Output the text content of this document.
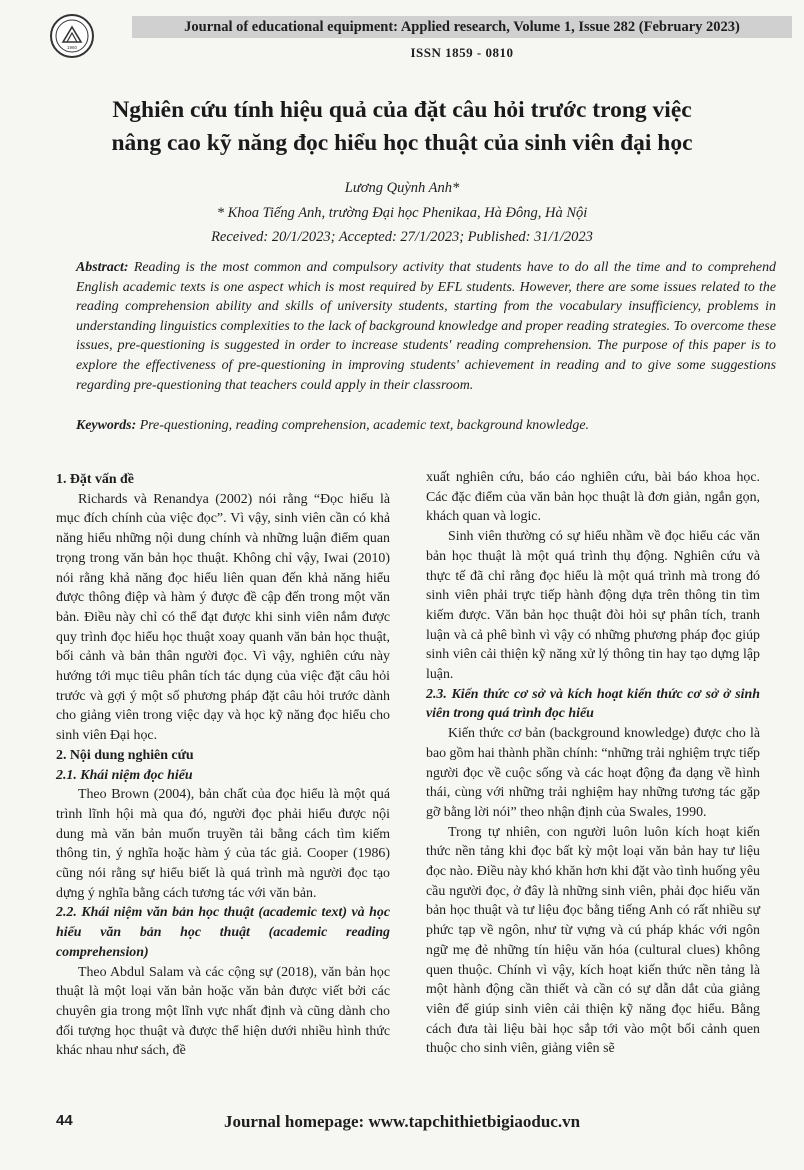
1960
Journal of educational equipment: Applied research, Volume 1, Issue 282 (February 2023)
ISSN 1859 - 0810
Nghiên cứu tính hiệu quả của đặt câu hỏi trước trong việc
nâng cao kỹ năng đọc hiểu học thuật của sinh viên đại học
Lương Quỳnh Anh*
* Khoa Tiếng Anh, trường Đại học Phenikaa, Hà Đông, Hà Nội
Received: 20/1/2023; Accepted: 27/1/2023; Published: 31/1/2023
Abstract: Reading is the most common and compulsory activity that students have to do all the time and to comprehend English academic texts is one aspect which is most required by EFL students. However, there are some issues related to the reading comprehension ability and skills of university students, starting from the vocabulary insufficiency, problems in understanding linguistics complexities to the lack of background knowledge and proper reading strategies. To overcome these issues, pre-questioning is suggested in order to increase students' reading comprehension. The purpose of this paper is to explore the effectiveness of pre-questioning in improving students' achievement in reading and to give some suggestions regarding pre-questioning that teachers could apply in their classroom.
Keywords: Pre-questioning, reading comprehension, academic text, background knowledge.

1. Đặt vấn đề

Richards và Renandya (2002) nói rằng “Đọc hiểu là mục đích chính của việc đọc”. Vì vậy, sinh viên cần có khả năng hiểu những nội dung chính và những luận điểm quan trọng trong văn bản học thuật. Không chỉ vậy, Iwai (2010) nói rằng khả năng đọc hiểu liên quan đến khả năng hiểu được thông điệp và hàm ý được đề cập đến trong một văn bản. Điều này chỉ có thể đạt được khi sinh viên nắm được quy trình đọc hiểu học thuật xoay quanh văn bản học thuật, bối cảnh và bản thân người đọc. Vì vậy, nghiên cứu này hướng tới mục tiêu phân tích tác dụng của việc đặt câu hỏi trước và gợi ý một số phương pháp đặt câu hỏi trước dành cho giảng viên trong việc dạy và học kỹ năng đọc hiểu cho sinh viên Đại học.

2. Nội dung nghiên cứu

2.1. Khái niệm đọc hiểu

Theo Brown (2004), bản chất của đọc hiểu là một quá trình lĩnh hội mà qua đó, người đọc phải hiểu được nội dung mà văn bản muốn truyền tải bằng cách tìm kiếm thông tin, ý nghĩa hoặc hàm ý của tác giả. Cooper (1986) cũng nói rằng sự hiểu biết là quá trình mà người đọc tạo dựng ý nghĩa bằng cách tương tác với văn bản.

2.2. Khái niệm văn bản học thuật (academic text) và học hiểu văn bản học thuật (academic reading comprehension)

Theo Abdul Salam và các cộng sự (2018), văn bản học thuật là một loại văn bản hoặc văn bản được viết bởi các chuyên gia trong một lĩnh vực nhất định và cũng dành cho đối tượng học thuật và được thể hiện dưới nhiều hình thức khác nhau như sách, đề

xuất nghiên cứu, báo cáo nghiên cứu, bài báo khoa học. Các đặc điểm của văn bản học thuật là đơn giản, ngắn gọn, khách quan và logic.

Sinh viên thường có sự hiểu nhầm về đọc hiểu các văn bản học thuật là một quá trình thụ động. Nghiên cứu và thực tế đã chỉ rằng đọc hiểu là một quá trình mà trong đó sinh viên phải trực tiếp hành động dựa trên thông tin tìm kiếm được. Văn bản học thuật đòi hỏi sự phân tích, tranh luận và cả phê bình vì vậy có những phương pháp đọc giúp sinh viên cải thiện kỹ năng xử lý thông tin hay tạo dựng lập luận.

2.3. Kiến thức cơ sở và kích hoạt kiến thức cơ sở ở sinh viên trong quá trình đọc hiểu

Kiến thức cơ bản (background knowledge) được cho là bao gồm hai thành phần chính: “những trải nghiệm trực tiếp người đọc về cuộc sống và các hoạt động đa dạng về hình thái, cùng với những trải nghiệm hay những tương tác gặp gỡ bằng lời nói” theo nhận định của Swales, 1990.

Trong tự nhiên, con người luôn luôn kích hoạt kiến thức nền tảng khi đọc bất kỳ một loại văn bản hay tư liệu đọc nào. Điều này khó khăn hơn khi đặt vào tình huống yêu cầu người đọc, ở đây là những sinh viên, phải đọc hiểu văn bản học thuật và tư liệu đọc bằng tiếng Anh có rất nhiều sự phức tạp về ngôn, như từ vựng và cú pháp khác với ngôn ngữ mẹ đẻ những tín hiệu văn hóa (cultural clues) không quen thuộc. Chính vì vậy, kích hoạt kiến thức nền tảng là một hành động cần thiết và cần có sự dẫn dắt của giảng viên để giúp sinh viên cải thiện kỹ năng đọc hiểu. Bằng cách đưa tài liệu bài học sắp tới vào một bối cảnh quen thuộc cho sinh viên, giảng viên sẽ

44	Journal homepage: www.tapchithietbigiaoduc.vn
